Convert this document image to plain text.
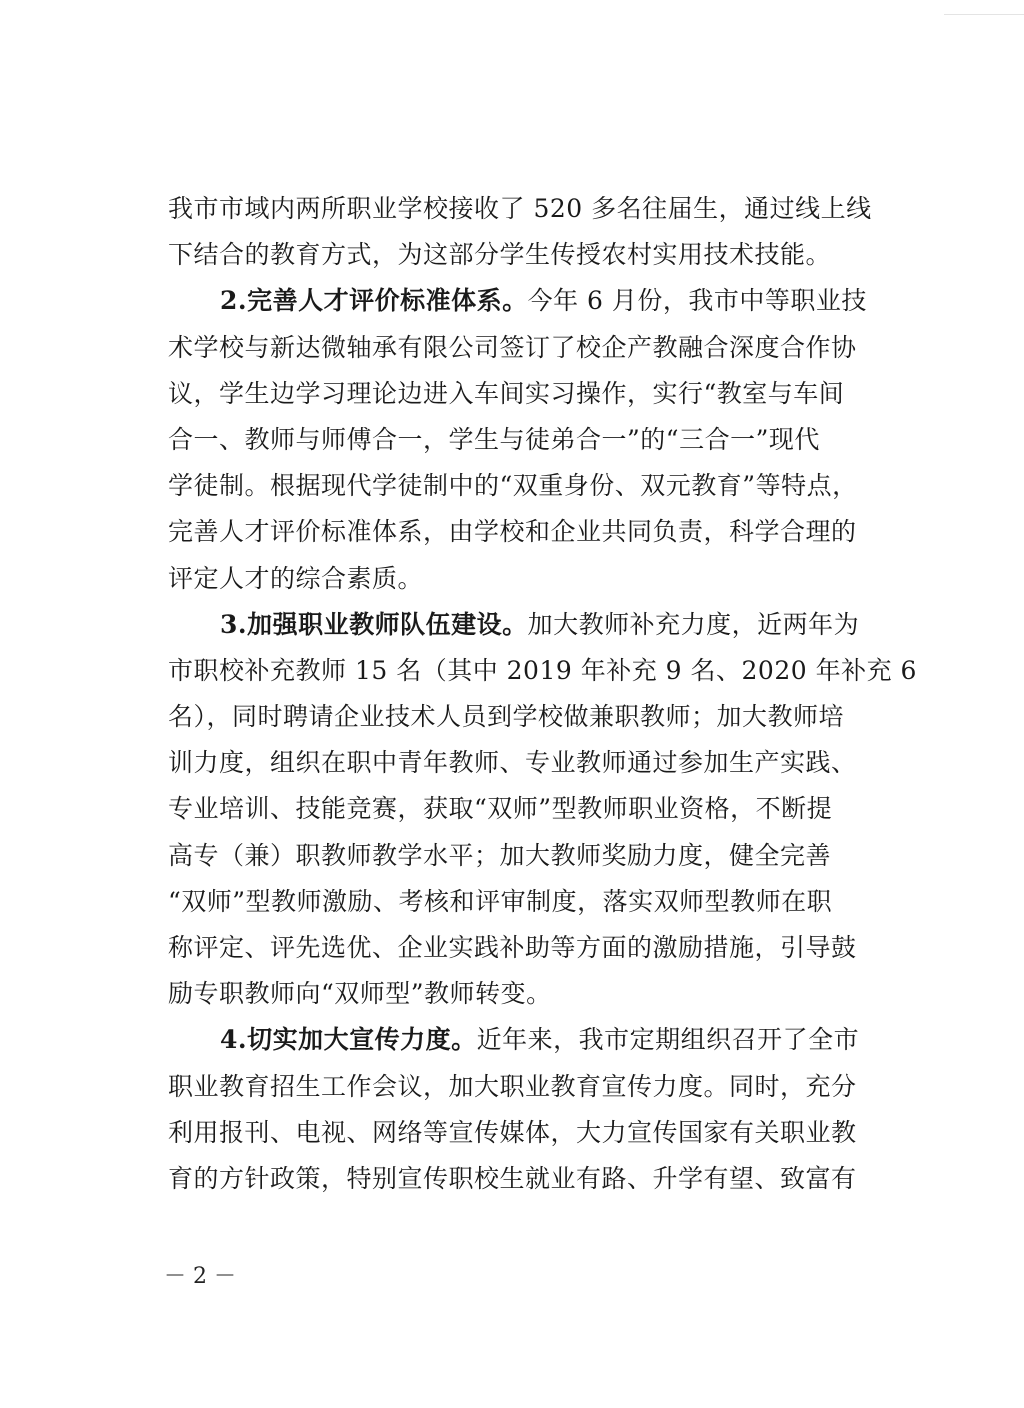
我市市域内两所职业学校接收了 520 多名往届生，通过线上线
下结合的教育方式，为这部分学生传授农村实用技术技能。
2.完善人才评价标准体系。今年 6 月份，我市中等职业技
术学校与新达微轴承有限公司签订了校企产教融合深度合作协
议，学生边学习理论边进入车间实习操作，实行“教室与车间
合一、教师与师傅合一，学生与徒弟合一”的“三合一”现代
学徒制。根据现代学徒制中的“双重身份、双元教育”等特点，
完善人才评价标准体系，由学校和企业共同负责，科学合理的
评定人才的综合素质。
3.加强职业教师队伍建设。加大教师补充力度，近两年为
市职校补充教师 15 名（其中 2019 年补充 9 名、2020 年补充 6
名），同时聘请企业技术人员到学校做兼职教师；加大教师培
训力度，组织在职中青年教师、专业教师通过参加生产实践、
专业培训、技能竞赛，获取“双师”型教师职业资格，不断提
高专（兼）职教师教学水平；加大教师奖励力度，健全完善
“双师”型教师激励、考核和评审制度，落实双师型教师在职
称评定、评先选优、企业实践补助等方面的激励措施，引导鼓
励专职教师向“双师型”教师转变。
4.切实加大宣传力度。近年来，我市定期组织召开了全市
职业教育招生工作会议，加大职业教育宣传力度。同时，充分
利用报刊、电视、网络等宣传媒体，大力宣传国家有关职业教
育的方针政策，特别宣传职校生就业有路、升学有望、致富有
－ 2 －
